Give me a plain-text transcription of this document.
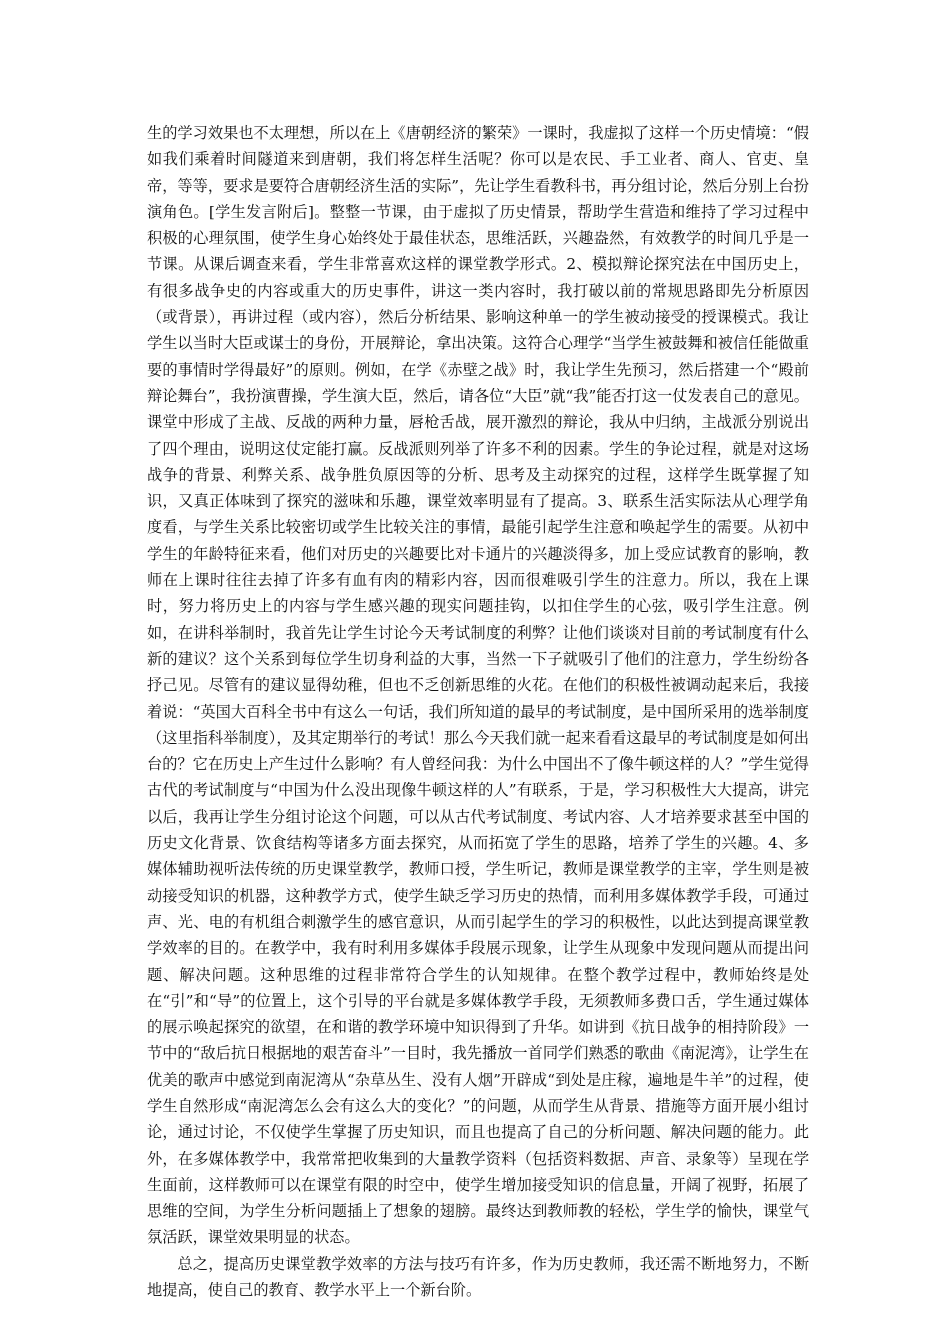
生的学习效果也不太理想，所以在上《唐朝经济的繁荣》一课时，我虚拟了这样一个历史情境：“假如我们乘着时间隧道来到唐朝，我们将怎样生活呢？你可以是农民、手工业者、商人、官吏、皇帝，等等，要求是要符合唐朝经济生活的实际”，先让学生看教科书，再分组讨论，然后分别上台扮演角色。[学生发言附后]。整整一节课，由于虚拟了历史情景，帮助学生营造和维持了学习过程中积极的心理氛围，使学生身心始终处于最佳状态，思维活跃，兴趣盎然，有效教学的时间几乎是一节课。从课后调查来看，学生非常喜欢这样的课堂教学形式。2、模拟辩论探究法在中国历史上，有很多战争史的内容或重大的历史事件，讲这一类内容时，我打破以前的常规思路即先分析原因（或背景），再讲过程（或内容），然后分析结果、影响这种单一的学生被动接受的授课模式。我让学生以当时大臣或谋士的身份，开展辩论，拿出决策。这符合心理学“当学生被鼓舞和被信任能做重要的事情时学得最好”的原则。例如，在学《赤壁之战》时，我让学生先预习，然后搭建一个“殿前辩论舞台”，我扮演曹操，学生演大臣，然后，请各位“大臣”就“我”能否打这一仗发表自己的意见。课堂中形成了主战、反战的两种力量，唇枪舌战，展开激烈的辩论，我从中归纳，主战派分别说出了四个理由，说明这仗定能打赢。反战派则列举了许多不利的因素。学生的争论过程，就是对这场战争的背景、利弊关系、战争胜负原因等的分析、思考及主动探究的过程，这样学生既掌握了知识，又真正体味到了探究的滋味和乐趣，课堂效率明显有了提高。3、联系生活实际法从心理学角度看，与学生关系比较密切或学生比较关注的事情，最能引起学生注意和唤起学生的需要。从初中学生的年龄特征来看，他们对历史的兴趣要比对卡通片的兴趣淡得多，加上受应试教育的影响，教师在上课时往往去掉了许多有血有肉的精彩内容，因而很难吸引学生的注意力。所以，我在上课时，努力将历史上的内容与学生感兴趣的现实问题挂钩，以扣住学生的心弦，吸引学生注意。例如，在讲科举制时，我首先让学生讨论今天考试制度的利弊？让他们谈谈对目前的考试制度有什么新的建议？这个关系到每位学生切身利益的大事，当然一下子就吸引了他们的注意力，学生纷纷各抒己见。尽管有的建议显得幼稚，但也不乏创新思维的火花。在他们的积极性被调动起来后，我接着说：“英国大百科全书中有这么一句话，我们所知道的最早的考试制度，是中国所采用的选举制度（这里指科举制度），及其定期举行的考试！那么今天我们就一起来看看这最早的考试制度是如何出台的？它在历史上产生过什么影响？有人曾经问我：为什么中国出不了像牛顿这样的人？”学生觉得古代的考试制度与“中国为什么没出现像牛顿这样的人”有联系，于是，学习积极性大大提高，讲完以后，我再让学生分组讨论这个问题，可以从古代考试制度、考试内容、人才培养要求甚至中国的历史文化背景、饮食结构等诸多方面去探究，从而拓宽了学生的思路，培养了学生的兴趣。4、多媒体辅助视听法传统的历史课堂教学，教师口授，学生听记，教师是课堂教学的主宰，学生则是被动接受知识的机器，这种教学方式，使学生缺乏学习历史的热情，而利用多媒体教学手段，可通过声、光、电的有机组合刺激学生的感官意识，从而引起学生的学习的积极性，以此达到提高课堂教学效率的目的。在教学中，我有时利用多媒体手段展示现象，让学生从现象中发现问题从而提出问题、解决问题。这种思维的过程非常符合学生的认知规律。在整个教学过程中，教师始终是处在“引”和“导”的位置上，这个引导的平台就是多媒体教学手段，无须教师多费口舌，学生通过媒体的展示唤起探究的欲望，在和谐的教学环境中知识得到了升华。如讲到《抗日战争的相持阶段》一节中的“敌后抗日根据地的艰苦奋斗”一目时，我先播放一首同学们熟悉的歌曲《南泥湾》，让学生在优美的歌声中感觉到南泥湾从“杂草丛生、没有人烟”开辟成“到处是庄稼，遍地是牛羊”的过程，使学生自然形成“南泥湾怎么会有这么大的变化？”的问题，从而学生从背景、措施等方面开展小组讨论，通过讨论，不仅使学生掌握了历史知识，而且也提高了自己的分析问题、解决问题的能力。此外，在多媒体教学中，我常常把收集到的大量教学资料（包括资料数据、声音、录象等）呈现在学生面前，这样教师可以在课堂有限的时空中，使学生增加接受知识的信息量，开阔了视野，拓展了思维的空间，为学生分析问题插上了想象的翅膀。最终达到教师教的轻松，学生学的愉快，课堂气氛活跃，课堂效果明显的状态。

总之，提高历史课堂教学效率的方法与技巧有许多，作为历史教师，我还需不断地努力，不断地提高，使自己的教育、教学水平上一个新台阶。
